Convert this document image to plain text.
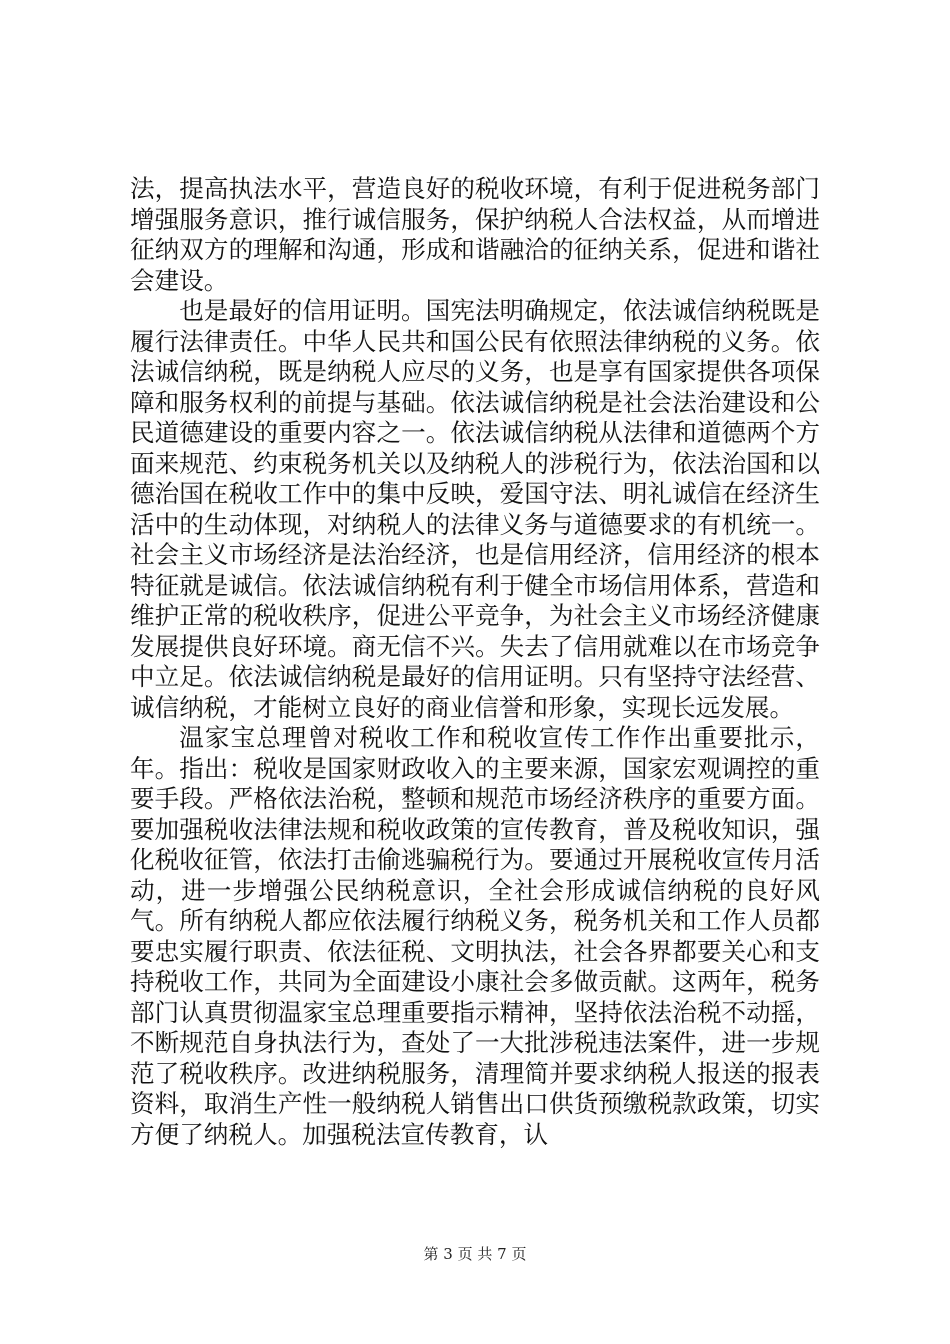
法，提高执法水平，营造良好的税收环境，有利于促进税务部门增强服务意识，推行诚信服务，保护纳税人合法权益，从而增进征纳双方的理解和沟通，形成和谐融洽的征纳关系，促进和谐社会建设。

也是最好的信用证明。国宪法明确规定，依法诚信纳税既是履行法律责任。中华人民共和国公民有依照法律纳税的义务。依法诚信纳税，既是纳税人应尽的义务，也是享有国家提供各项保障和服务权利的前提与基础。依法诚信纳税是社会法治建设和公民道德建设的重要内容之一。依法诚信纳税从法律和道德两个方面来规范、约束税务机关以及纳税人的涉税行为，依法治国和以德治国在税收工作中的集中反映，爱国守法、明礼诚信在经济生活中的生动体现，对纳税人的法律义务与道德要求的有机统一。社会主义市场经济是法治经济，也是信用经济，信用经济的根本特征就是诚信。依法诚信纳税有利于健全市场信用体系，营造和维护正常的税收秩序，促进公平竞争，为社会主义市场经济健康发展提供良好环境。商无信不兴。失去了信用就难以在市场竞争中立足。依法诚信纳税是最好的信用证明。只有坚持守法经营、诚信纳税，才能树立良好的商业信誉和形象，实现长远发展。

温家宝总理曾对税收工作和税收宣传工作作出重要批示，年。指出：税收是国家财政收入的主要来源，国家宏观调控的重要手段。严格依法治税，整顿和规范市场经济秩序的重要方面。要加强税收法律法规和税收政策的宣传教育，普及税收知识，强化税收征管，依法打击偷逃骗税行为。要通过开展税收宣传月活动，进一步增强公民纳税意识，全社会形成诚信纳税的良好风气。所有纳税人都应依法履行纳税义务，税务机关和工作人员都要忠实履行职责、依法征税、文明执法，社会各界都要关心和支持税收工作，共同为全面建设小康社会多做贡献。这两年，税务部门认真贯彻温家宝总理重要指示精神，坚持依法治税不动摇，不断规范自身执法行为，查处了一大批涉税违法案件，进一步规范了税收秩序。改进纳税服务，清理简并要求纳税人报送的报表资料，取消生产性一般纳税人销售出口供货预缴税款政策，切实方便了纳税人。加强税法宣传教育，认

第 3 页 共 7 页
